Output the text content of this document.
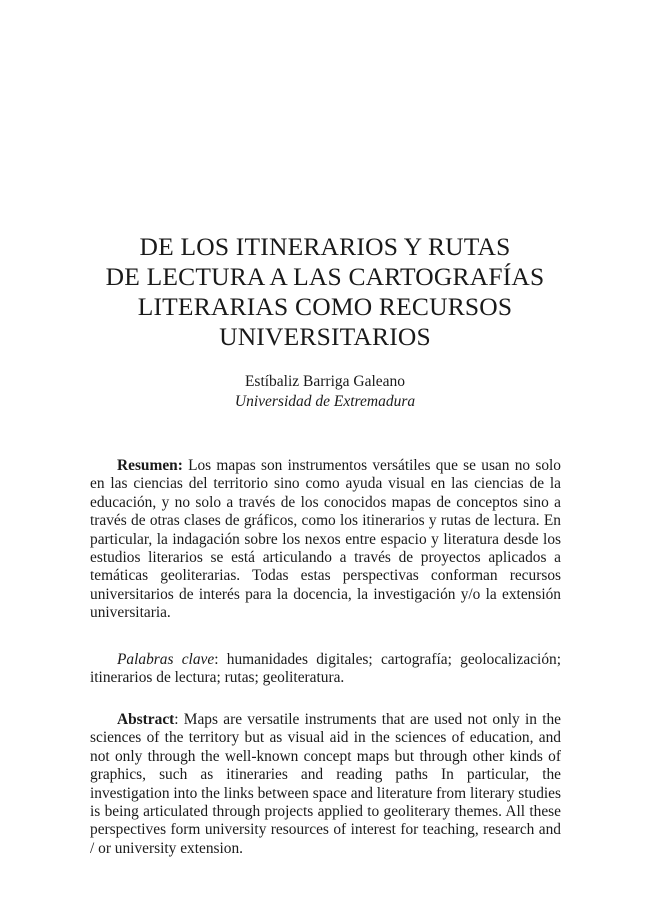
DE LOS ITINERARIOS Y RUTAS
DE LECTURA A LAS CARTOGRAFÍAS
LITERARIAS COMO RECURSOS
UNIVERSITARIOS
Estíbaliz Barriga Galeano
Universidad de Extremadura

Resumen: Los mapas son instrumentos versátiles que se usan no solo en las ciencias del territorio sino como ayuda visual en las ciencias de la educación, y no solo a través de los conocidos mapas de conceptos sino a través de otras clases de gráficos, como los itinerarios y rutas de lectura. En particular, la indagación sobre los nexos entre espacio y literatura desde los estudios literarios se está articulando a través de proyectos aplicados a temáticas geoliterarias. Todas estas perspectivas conforman recursos universitarios de interés para la docencia, la investigación y/o la extensión universitaria.

Palabras clave: humanidades digitales; cartografía; geolocalización; itinerarios de lectura; rutas; geoliteratura.

Abstract: Maps are versatile instruments that are used not only in the sciences of the territory but as visual aid in the sciences of education, and not only through the well-known concept maps but through other kinds of graphics, such as itineraries and reading paths In particular, the investigation into the links between space and literature from literary studies is being articulated through projects applied to geoliterary themes. All these perspectives form university resources of interest for teaching, research and / or university extension.
